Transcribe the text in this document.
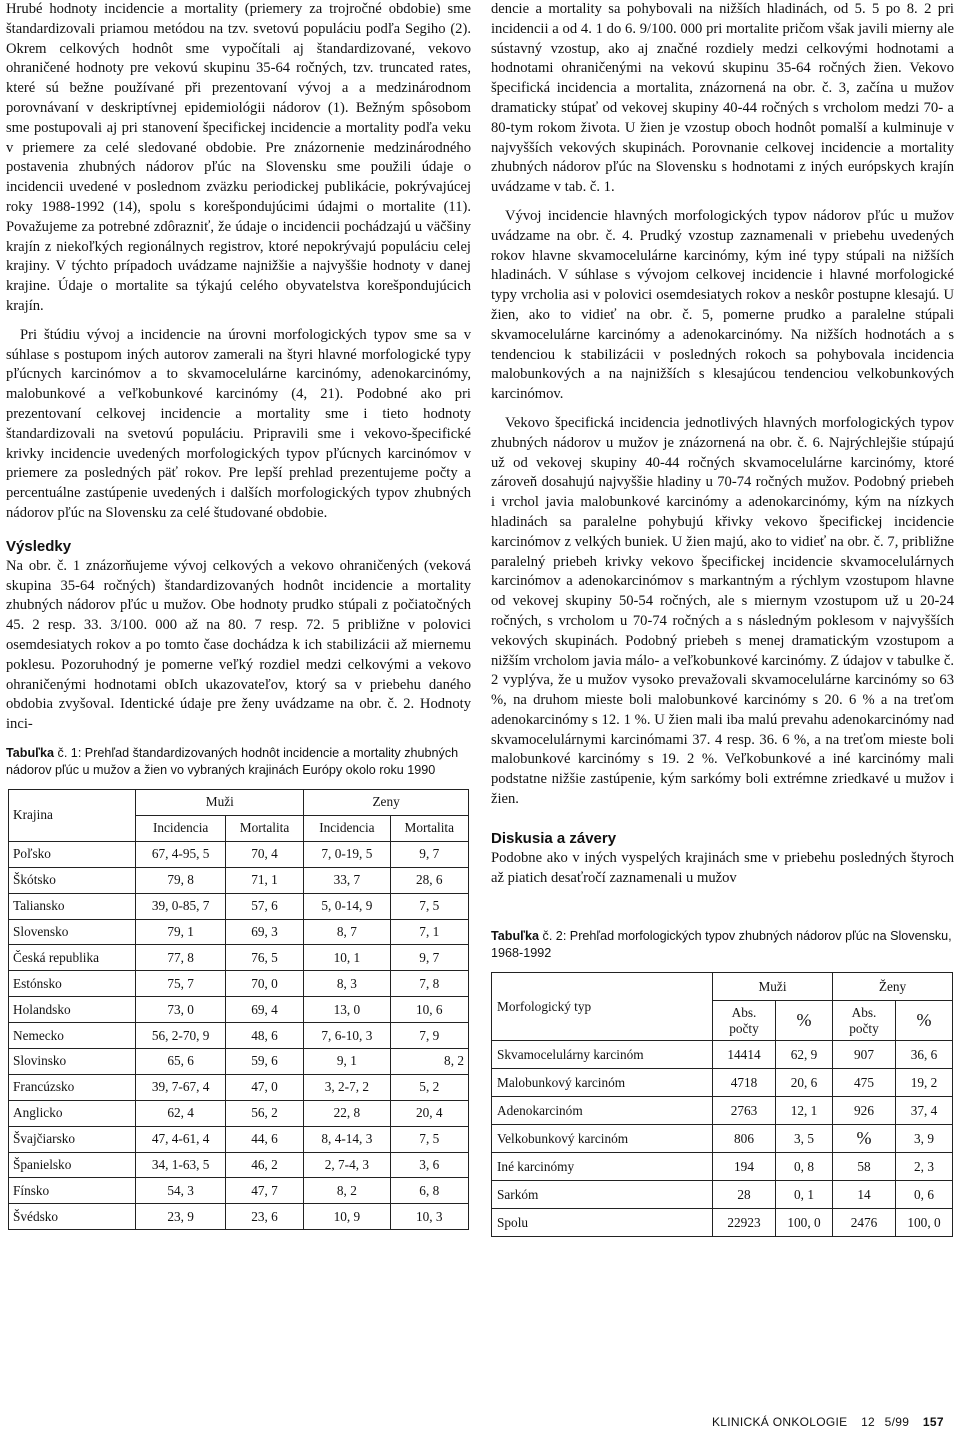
Hrubé hodnoty incidencie a mortality (priemery za trojročné obdobie) sme štandardizovali priamou metódou na tzv. svetovú populáciu podľa Segiho (2). Okrem celkových hodnôt sme vypočítali aj štandardizované, vekovo ohraničené hodnoty pre vekovú skupinu 35-64 ročných, tzv. truncated rates, které sú bežne používané při prezentovaní vývoj a a medzinárodnom porovnávaní v deskriptívnej epidemiológii nádorov (1). Bežným spôsobom sme postupovali aj pri stanovení špecifickej incidencie a mortality podľa veku v priemere za celé sledované obdobie. Pre znázornenie medzinárodného postavenia zhubných nádorov pľúc na Slovensku sme použili údaje o incidencii uvedené v poslednom zväzku periodickej publikácie, pokrývajúcej roky 1988-1992 (14), spolu s korešpondujúcimi údajmi o mortalite (11). Považujeme za potrebné zdôrazniť, že údaje o incidencii pochádzajú u väčšiny krajín z niekoľkých regionálnych registrov, ktoré nepokrývajú populáciu celej krajiny. V týchto prípadoch uvádzame najnižšie a najvyššie hodnoty v danej krajine. Údaje o mortalite sa týkajú celého obyvatelstva korešpondujúcich krajín.

Pri štúdiu vývoj a incidencie na úrovni morfologických typov sme sa v súhlase s postupom iných autorov zamerali na štyri hlavné morfologické typy pľúcnych karcinómov a to skvamocelulárne karcinómy, adenokarcinómy, malobunkové a veľkobunkové karcinómy (4, 21). Podobné ako pri prezentovaní celkovej incidencie a mortality sme i tieto hodnoty štandardizovali na svetovú populáciu. Pripravili sme i vekovo-špecifické krivky incidencie uvedených morfologických typov pľúcnych karcinómov v priemere za posledných päť rokov. Pre lepší prehlad prezentujeme počty a percentuálne zastúpenie uvedených i dalších morfologických typov zhubných nádorov pľúc na Slovensku za celé študované obdobie.

Výsledky

Na obr. č. 1 znázorňujeme vývoj celkových a vekovo ohraničených (veková skupina 35-64 ročných) štandardizovaných hodnôt incidencie a mortality zhubných nádorov pľúc u mužov. Obe hodnoty prudko stúpali z počiatočných 45. 2 resp. 33. 3/100. 000 až na 80. 7 resp. 72. 5 približne v polovici osemdesiatych rokov a po tomto čase dochádza k ich stabilizácii až miernemu poklesu. Pozoruhodný je pomerne veľký rozdiel medzi celkovými a vekovo ohraničenými hodnotami obIch ukazovateľov, ktorý sa v priebehu daného obdobia zvyšoval. Identické údaje pre ženy uvádzame na obr. č. 2. Hodnoty inci-

Tabuľka č. 1: Prehľad štandardizovaných hodnôt incidencie a mortality zhubných nádorov pľúc u mužov a žien vo vybraných krajinách Európy okolo roku 1990
Krajina	Muži		Zeny	
	Incidencia	Mortalita	Incidencia	Mortalita
Poľsko	67, 4-95, 5	70, 4	7, 0-19, 5	9, 7
Škótsko	79, 8	71, 1	33, 7	28, 6
Taliansko	39, 0-85, 7	57, 6	5, 0-14, 9	7, 5
Slovensko	79, 1	69, 3	8, 7	7, 1
Česká republika	77, 8	76, 5	10, 1	9, 7
Estónsko	75, 7	70, 0	8, 3	7, 8
Holandsko	73, 0	69, 4	13, 0	10, 6
Nemecko	56, 2-70, 9	48, 6	7, 6-10, 3	7, 9
Slovinsko	65, 6	59, 6	9, 1	8, 2
Francúzsko	39, 7-67, 4	47, 0	3, 2-7, 2	5, 2
Anglicko	62, 4	56, 2	22, 8	20, 4
Švajčiarsko	47, 4-61, 4	44, 6	8, 4-14, 3	7, 5
Španielsko	34, 1-63, 5	46, 2	2, 7-4, 3	3, 6
Fínsko	54, 3	47, 7	8, 2	6, 8
Švédsko	23, 9	23, 6	10, 9	10, 3

dencie a mortality sa pohybovali na nižších hladinách, od 5. 5 po 8. 2 pri incidencii a od 4. 1 do 6. 9/100. 000 pri mortalite pričom však javili mierny ale sústavný vzostup, ako aj značné rozdiely medzi celkovými hodnotami a hodnotami ohraničenými na vekovú skupinu 35-64 ročných žien. Vekovo špecifická incidencia a mortalita, znázornená na obr. č. 3, začína u mužov dramaticky stúpať od vekovej skupiny 40-44 ročných s vrcholom medzi 70- a 80-tym rokom života. U žien je vzostup oboch hodnôt pomalší a kulminuje v najvyšších vekových skupinách. Porovnanie celkovej incidencie a mortality zhubných nádorov pľúc na Slovensku s hodnotami z iných európskych krajín uvádzame v tab. č. 1.

Vývoj incidencie hlavných morfologických typov nádorov pľúc u mužov uvádzame na obr. č. 4. Prudký vzostup zaznamenali v priebehu uvedených rokov hlavne skvamocelulárne karcinómy, kým iné typy stúpali na nižších hladinách. V súhlase s vývojom celkovej incidencie i hlavné morfologické typy vrcholia asi v polovici osemdesiatych rokov a neskôr postupne klesajú. U žien, ako to vidieť na obr. č. 5, pomerne prudko a paralelne stúpali skvamocelulárne karcinómy a adenokarcinómy. Na nižších hodnotách a s tendenciou k stabilizácii v posledných rokoch sa pohybovala incidencia malobunkových a na najnižších s klesajúcou tendenciou velkobunkových karcinómov.

Vekovo špecifická incidencia jednotlivých hlavných morfologických typov zhubných nádorov u mužov je znázornená na obr. č. 6. Najrýchlejšie stúpajú už od vekovej skupiny 40-44 ročných skvamocelulárne karcinómy, ktoré zároveň dosahujú najvyššie hladiny u 70-74 ročných mužov. Podobný priebeh i vrchol javia malobunkové karcinómy a adenokarcinómy, kým na nízkych hladinách sa paralelne pohybujú křivky vekovo špecifickej incidencie karcinómov z velkých buniek. U žien majú, ako to vidieť na obr. č. 7, približne paralelný priebeh krivky vekovo špecifickej incidencie skvamocelulárnych karcinómov a adenokarcinómov s markantným a rýchlym vzostupom hlavne od vekovej skupiny 50-54 ročných, ale s miernym vzostupom už u 20-24 ročných, s vrcholom u 70-74 ročných a s následným poklesom v najvyšších vekových skupinách. Podobný priebeh s menej dramatickým vzostupom a nižším vrcholom javia málo- a veľkobunkové karcinómy. Z údajov v tabulke č. 2 vyplýva, že u mužov vysoko prevažovali skvamocelulárne karcinómy so 63 %, na druhom mieste boli malobunkové karcinómy s 20. 6 % a na treťom adenokarcinómy s 12. 1 %. U žien mali iba malú prevahu adenokarcinómy nad skvamocelulárnymi karcinómami 37. 4 resp. 36. 6 %, a na treťom mieste boli malobunkové karcinómy s 19. 2 %. Veľkobunkové a iné karcinómy mali podstatne nižšie zastúpenie, kým sarkómy boli extrémne zriedkavé u mužov i žien.

Diskusia a závery

Podobne ako v iných vyspelých krajinách sme v priebehu posledných štyroch až piatich desaťročí zaznamenali u mužov

Tabuľka č. 2: Prehľad morfologických typov zhubných nádorov pľúc na Slovensku, 1968-1992
Morfologický typ	Muži		Ženy	
	Abs. počty	%	Abs. počty	%
Skvamocelulárny karcinóm	14414	62, 9	907	36, 6
Malobunkový karcinóm	4718	20, 6	475	19, 2
Adenokarcinóm	2763	12, 1	926	37, 4
Velkobunkový karcinóm	806	3, 5	%	3, 9
Iné karcinómy	194	0, 8	58	2, 3
Sarkóm	28	0, 1	14	0, 6
Spolu	22923	100, 0	2476	100, 0
KLINICKÁ ONKOLOGIE 12 5/99 157
